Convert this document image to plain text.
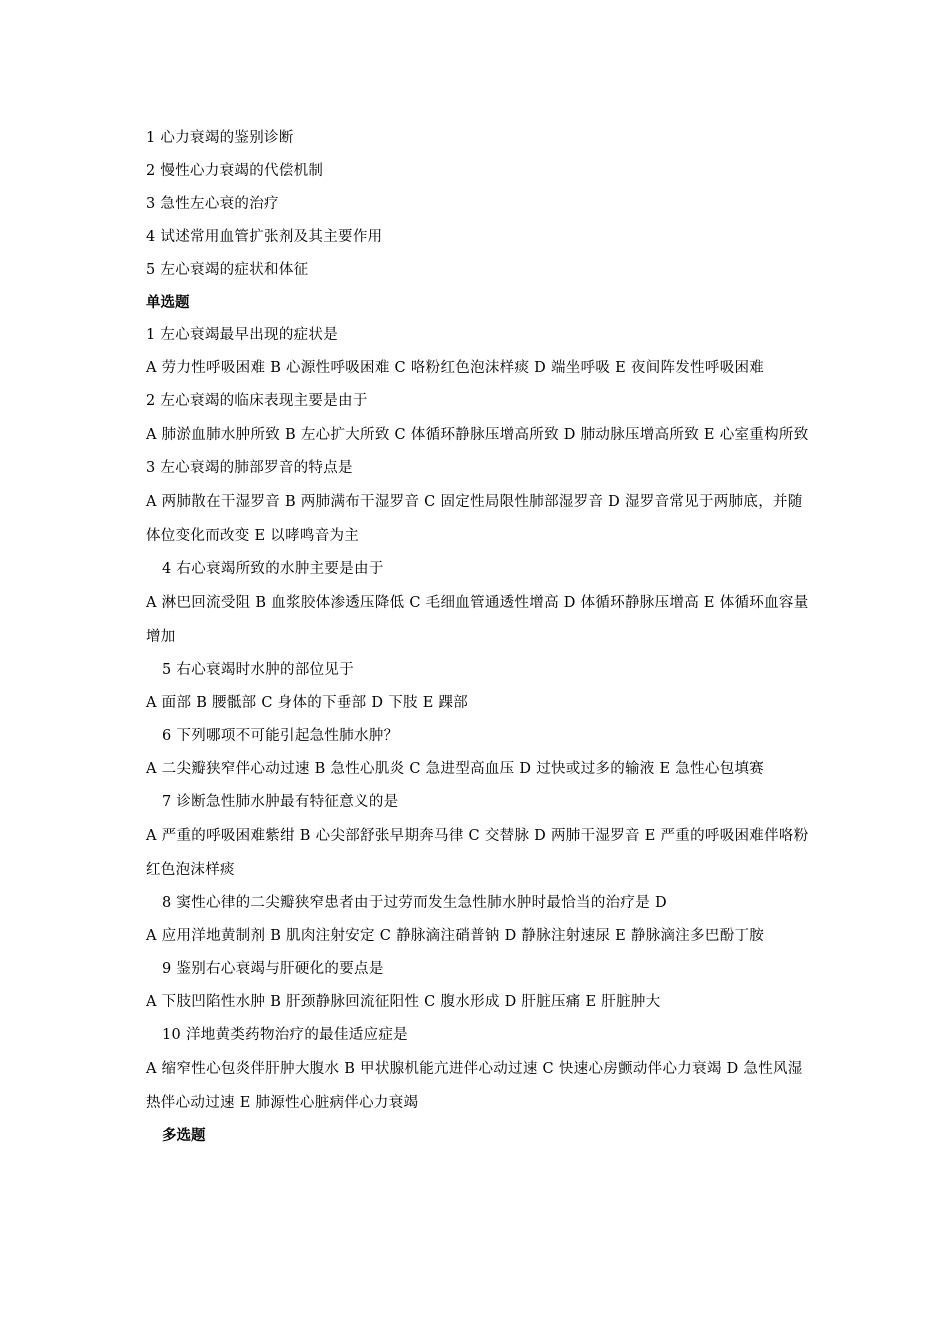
1 心力衰竭的鉴别诊断
2 慢性心力衰竭的代偿机制
3 急性左心衰的治疗
4 试述常用血管扩张剂及其主要作用
5 左心衰竭的症状和体征
单选题
1 左心衰竭最早出现的症状是
A 劳力性呼吸困难 B 心源性呼吸困难 C 咯粉红色泡沫样痰 D 端坐呼吸 E 夜间阵发性呼吸困难
2 左心衰竭的临床表现主要是由于
A 肺淤血肺水肿所致 B 左心扩大所致 C 体循环静脉压增高所致 D 肺动脉压增高所致 E 心室重构所致
3 左心衰竭的肺部罗音的特点是
A 两肺散在干湿罗音 B 两肺满布干湿罗音 C 固定性局限性肺部湿罗音 D 湿罗音常见于两肺底，并随体位变化而改变 E 以哮鸣音为主
4 右心衰竭所致的水肿主要是由于
A 淋巴回流受阻 B 血浆胶体渗透压降低 C 毛细血管通透性增高 D 体循环静脉压增高 E 体循环血容量增加
5 右心衰竭时水肿的部位见于
A 面部 B 腰骶部 C 身体的下垂部 D 下肢 E 踝部
6 下列哪项不可能引起急性肺水肿？
A 二尖瓣狭窄伴心动过速 B 急性心肌炎 C 急进型高血压 D 过快或过多的输液 E 急性心包填赛
7 诊断急性肺水肿最有特征意义的是
A 严重的呼吸困难紫绀 B 心尖部舒张早期奔马律 C 交替脉 D 两肺干湿罗音 E 严重的呼吸困难伴咯粉红色泡沫样痰
8 窦性心律的二尖瓣狭窄患者由于过劳而发生急性肺水肿时最恰当的治疗是 D
A 应用洋地黄制剂 B 肌肉注射安定 C 静脉滴注硝普钠 D 静脉注射速尿 E 静脉滴注多巴酚丁胺
9 鉴别右心衰竭与肝硬化的要点是
A 下肢凹陷性水肿 B 肝颈静脉回流征阳性 C 腹水形成 D 肝脏压痛 E 肝脏肿大
10 洋地黄类药物治疗的最佳适应症是
A 缩窄性心包炎伴肝肿大腹水 B 甲状腺机能亢进伴心动过速 C 快速心房颤动伴心力衰竭 D 急性风湿热伴心动过速 E 肺源性心脏病伴心力衰竭
多选题
